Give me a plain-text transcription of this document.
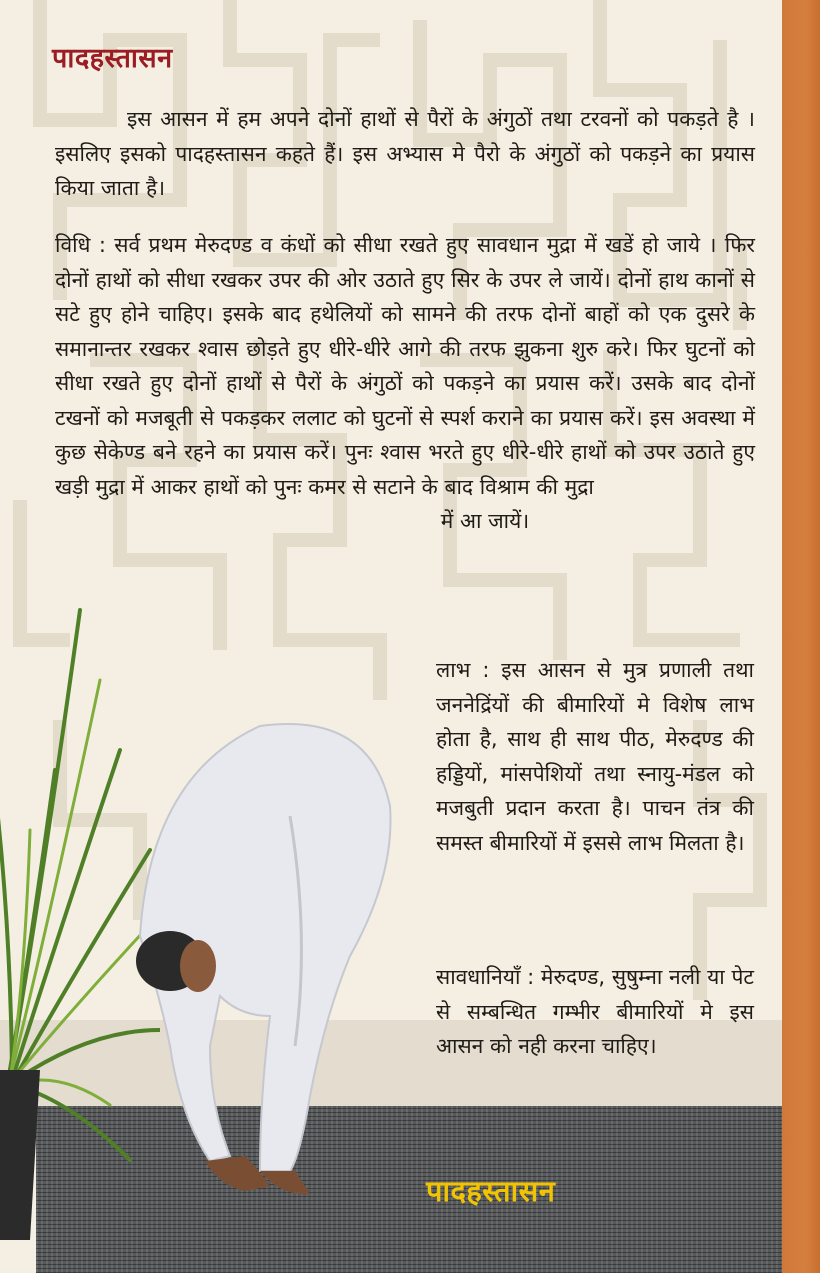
पादहस्तासन

इस आसन में हम अपने दोनों हाथों से पैरों के अंगुठों तथा टरवनों को पकड़ते है । इसलिए इसको पादहस्तासन कहते हैं। इस अभ्यास मे पैरो के अंगुठों को पकड़ने का प्रयास किया जाता है।

विधि : सर्व प्रथम मेरुदण्ड व कंधों को सीधा रखते हुए सावधान मुद्रा में खडें हो जाये । फिर दोनों हाथों को सीधा रखकर उपर की ओर उठाते हुए सिर के उपर ले जायें। दोनों हाथ कानों से सटे हुए होने चाहिए। इसके बाद हथेलियों को सामने की तरफ दोनों बाहों को एक दुसरे के समानान्तर रखकर श्वास छोड़ते हुए धीरे-धीरे आगे की तरफ झुकना शुरु करे। फिर घुटनों को सीधा रखते हुए दोनों हाथों से पैरों के अंगुठों को पकड़ने का प्रयास करें। उसके बाद दोनों टखनों को मजबूती से पकड़कर ललाट को घुटनों से स्पर्श कराने का प्रयास करें। इस अवस्था में कुछ सेकेण्ड बने रहने का प्रयास करें। पुनः श्वास भरते हुए धीरे-धीरे हाथों को उपर उठाते हुए खड़ी मुद्रा में आकर हाथों को पुनः कमर से सटाने के बाद विश्राम की मुद्रा
में आ जायें।

लाभ : इस आसन से मुत्र प्रणाली तथा जननेद्रिंयों की बीमारियों मे विशेष लाभ होता है, साथ ही साथ पीठ, मेरुदण्ड की हड्डियों, मांसपेशियों तथा स्नायु-मंडल को मजबुती प्रदान करता है। पाचन तंत्र की समस्त बीमारियों में इससे लाभ मिलता है।

सावधानियाँ : मेरुदण्ड, सुषुम्ना नली या पेट से सम्बन्धित गम्भीर बीमारियों मे इस आसन को नही करना चाहिए।

पादहस्तासन
